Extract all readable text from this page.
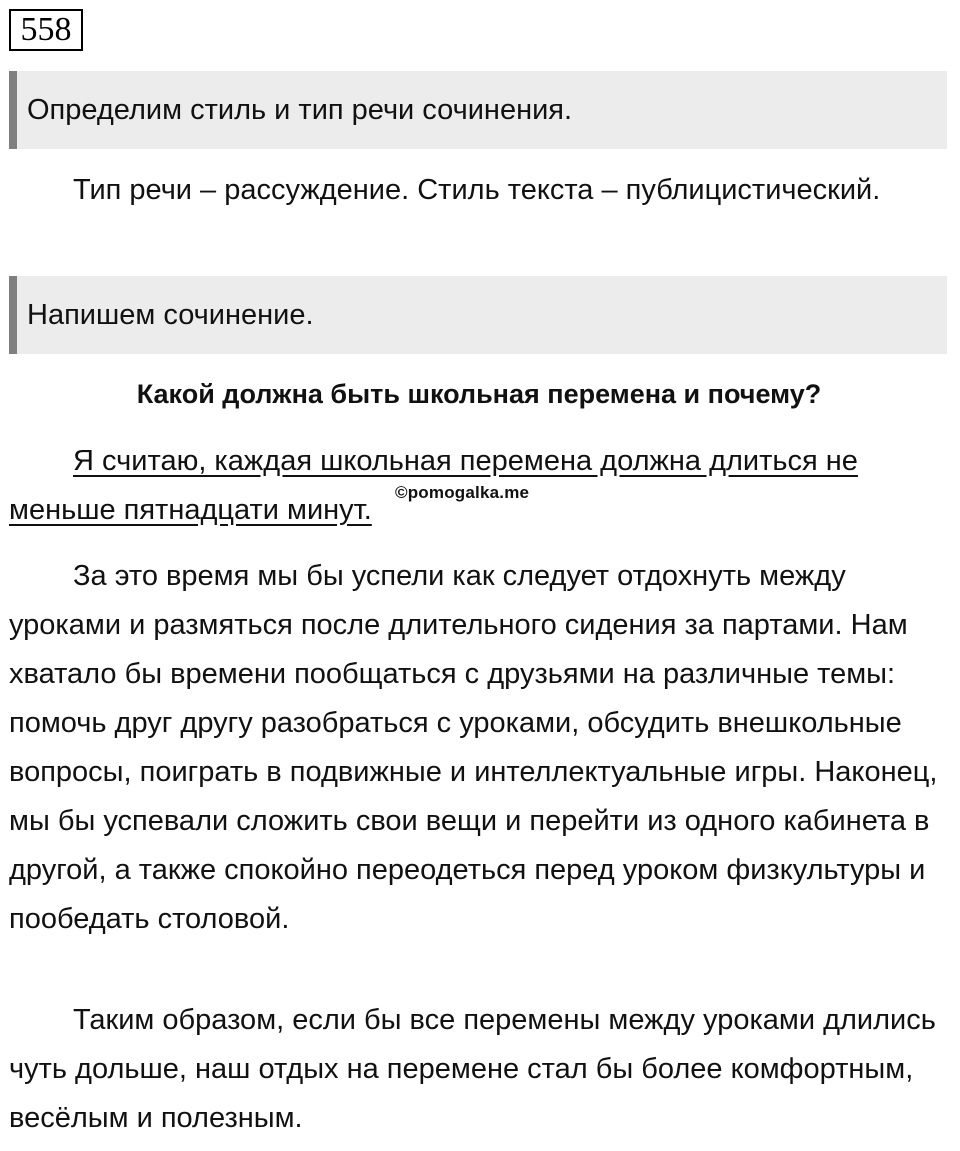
558
Определим стиль и тип речи сочинения.

Тип речи – рассуждение. Стиль текста – публицистический.

Напишем сочинение.
Какой должна быть школьная перемена и почему?

Я считаю, каждая школьная перемена должна длиться не меньше пятнадцати минут.

©pomogalka.me

За это время мы бы успели как следует отдохнуть между уроками и размяться после длительного сидения за партами. Нам хватало бы времени пообщаться с друзьями на различные темы: помочь друг другу разобраться с уроками, обсудить внешкольные вопросы, поиграть в подвижные и интеллектуальные игры. Наконец, мы бы успевали сложить свои вещи и перейти из одного кабинета в другой, а также спокойно переодеться перед уроком физкультуры и пообедать столовой.

Таким образом, если бы все перемены между уроками длились чуть дольше, наш отдых на перемене стал бы более комфортным, весёлым и полезным.
